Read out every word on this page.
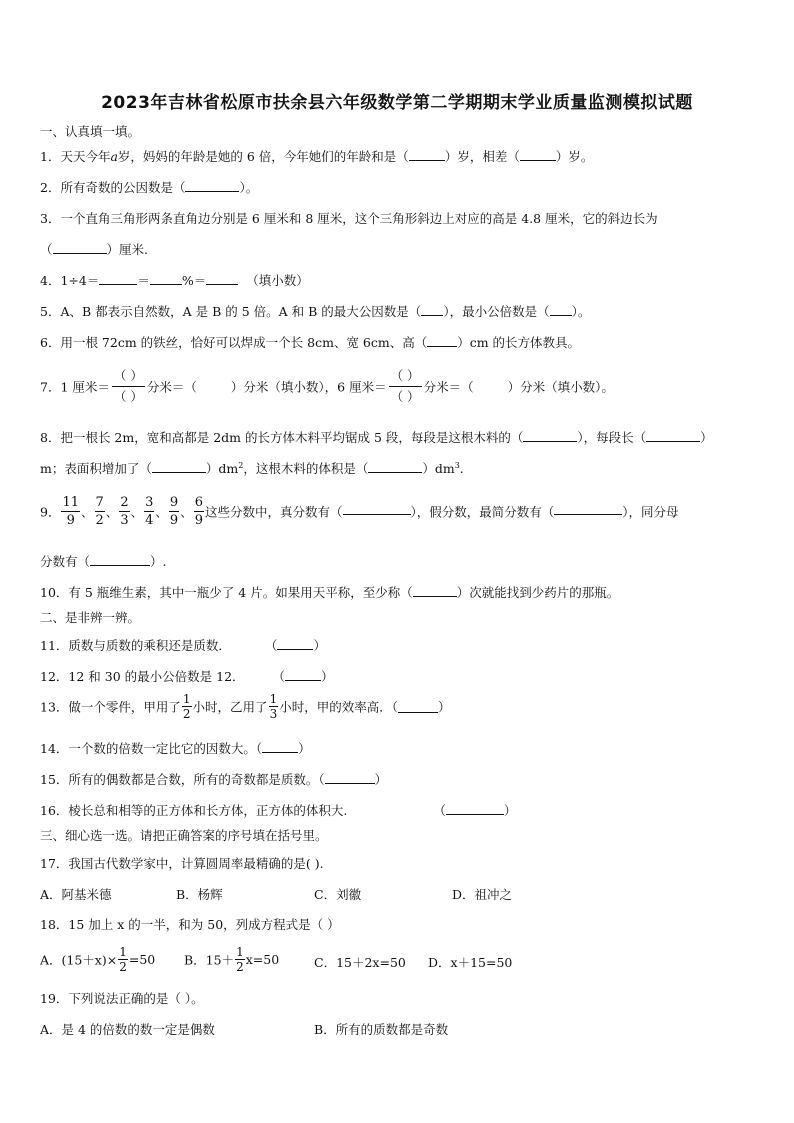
2023年吉林省松原市扶余县六年级数学第二学期期末学业质量监测模拟试题
一、认真填一填。
1．天天今年a岁，妈妈的年龄是她的 6 倍，今年她们的年龄和是（	）岁，相差（	）岁。
2．所有奇数的公因数是（	）。
3．一个直角三角形两条直角边分别是 6 厘米和 8 厘米，这个三角形斜边上对应的高是 4.8 厘米，它的斜边长为
（	）厘米.
4．1÷4＝	＝	%＝	（填小数）
5．A、B 都表示自然数，A 是 B 的 5 倍。A 和 B 的最大公因数是（ ），最小公倍数是（ ）。
6．用一根 72cm 的铁丝，恰好可以焊成一个长 8cm、宽 6cm、高（ ）cm 的长方体教具。
7．1 厘米＝
（ ）
（ ）
分米＝（	）分米（填小数），6 厘米＝
（ ）
（ ）
分米＝（	）分米（填小数）。
8．把一根长 2m，宽和高都是 2dm 的长方体木料平均锯成 5 段，每段是这根木料的（	），每段长（	）
m；表面积增加了（	）$dm^2$，这根木料的体积是（	）$dm^3$.
9． $\frac{11}{9}$ 、 $\frac{7}{2}$ 、 $\frac{2}{3}$ 、 $\frac{3}{4}$ 、 $\frac{9}{9}$ 、 $\frac{6}{9}$ 这些分数中，真分数有（	），假分数，最简分数有（	），同分母
分数有（	）.
10．有 5 瓶维生素，其中一瓶少了 4 片。如果用天平称，至少称（	）次就能找到少药片的那瓶。
二、是非辨一辨。
11．质数与质数的乘积还是质数．	（	）
12．12 和 30 的最小公倍数是 12． （	）
13．做一个零件，甲用了 $\frac{1}{2}$ 小时，乙用了 $\frac{1}{3}$ 小时，甲的效率高．（	）
14．一个数的倍数一定比它的因数大。（	）
15．所有的偶数都是合数，所有的奇数都是质数。（	）
16．棱长总和相等的正方体和长方体，正方体的体积大.	（	）
三、细心选一选。请把正确答案的序号填在括号里。
17．我国古代数学家中，计算圆周率最精确的是( ).
A．阿基米德	B．杨辉	C．刘徽	D．祖冲之
18．15 加上 x 的一半，和为 50，列成方程式是（ ）
A．$(15+x)\times \frac{1}{2} =50$ B．$15+ \frac{1}{2} x=50$	C．15＋2x=50 D．x＋15=50
19．下列说法正确的是（ ）。
A．是 4 的倍数的数一定是偶数	B．所有的质数都是奇数
